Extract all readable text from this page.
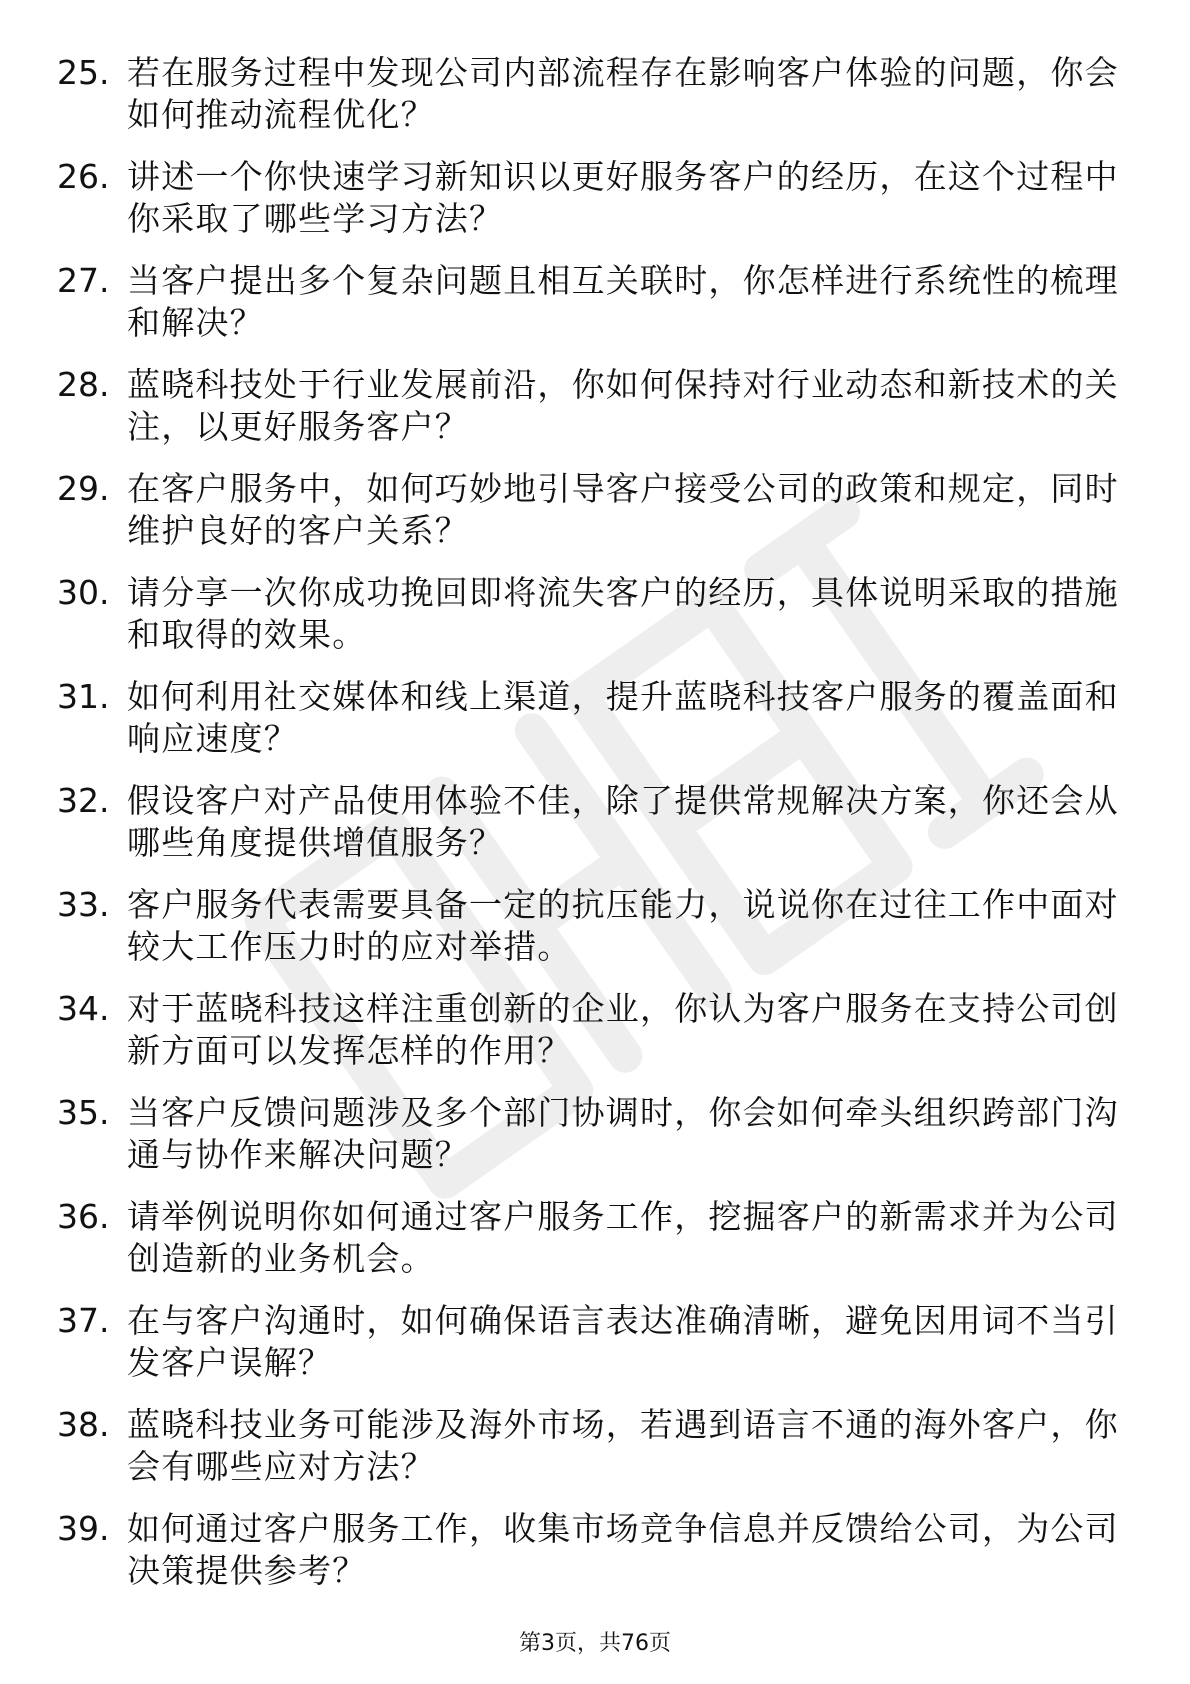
25. 若在服务过程中发现公司内部流程存在影响客户体验的问题，你会如何推动流程优化？
26. 讲述一个你快速学习新知识以更好服务客户的经历，在这个过程中你采取了哪些学习方法？
27. 当客户提出多个复杂问题且相互关联时，你怎样进行系统性的梳理和解决？
28. 蓝晓科技处于行业发展前沿，你如何保持对行业动态和新技术的关注，以更好服务客户？
29. 在客户服务中，如何巧妙地引导客户接受公司的政策和规定，同时维护良好的客户关系？
30. 请分享一次你成功挽回即将流失客户的经历，具体说明采取的措施和取得的效果。
31. 如何利用社交媒体和线上渠道，提升蓝晓科技客户服务的覆盖面和响应速度？
32. 假设客户对产品使用体验不佳，除了提供常规解决方案，你还会从哪些角度提供增值服务？
33. 客户服务代表需要具备一定的抗压能力，说说你在过往工作中面对较大工作压力时的应对举措。
34. 对于蓝晓科技这样注重创新的企业，你认为客户服务在支持公司创新方面可以发挥怎样的作用？
35. 当客户反馈问题涉及多个部门协调时，你会如何牵头组织跨部门沟通与协作来解决问题？
36. 请举例说明你如何通过客户服务工作，挖掘客户的新需求并为公司创造新的业务机会。
37. 在与客户沟通时，如何确保语言表达准确清晰，避免因用词不当引发客户误解？
38. 蓝晓科技业务可能涉及海外市场，若遇到语言不通的海外客户，你会有哪些应对方法？
39. 如何通过客户服务工作，收集市场竞争信息并反馈给公司，为公司决策提供参考？
第3页，共76页
